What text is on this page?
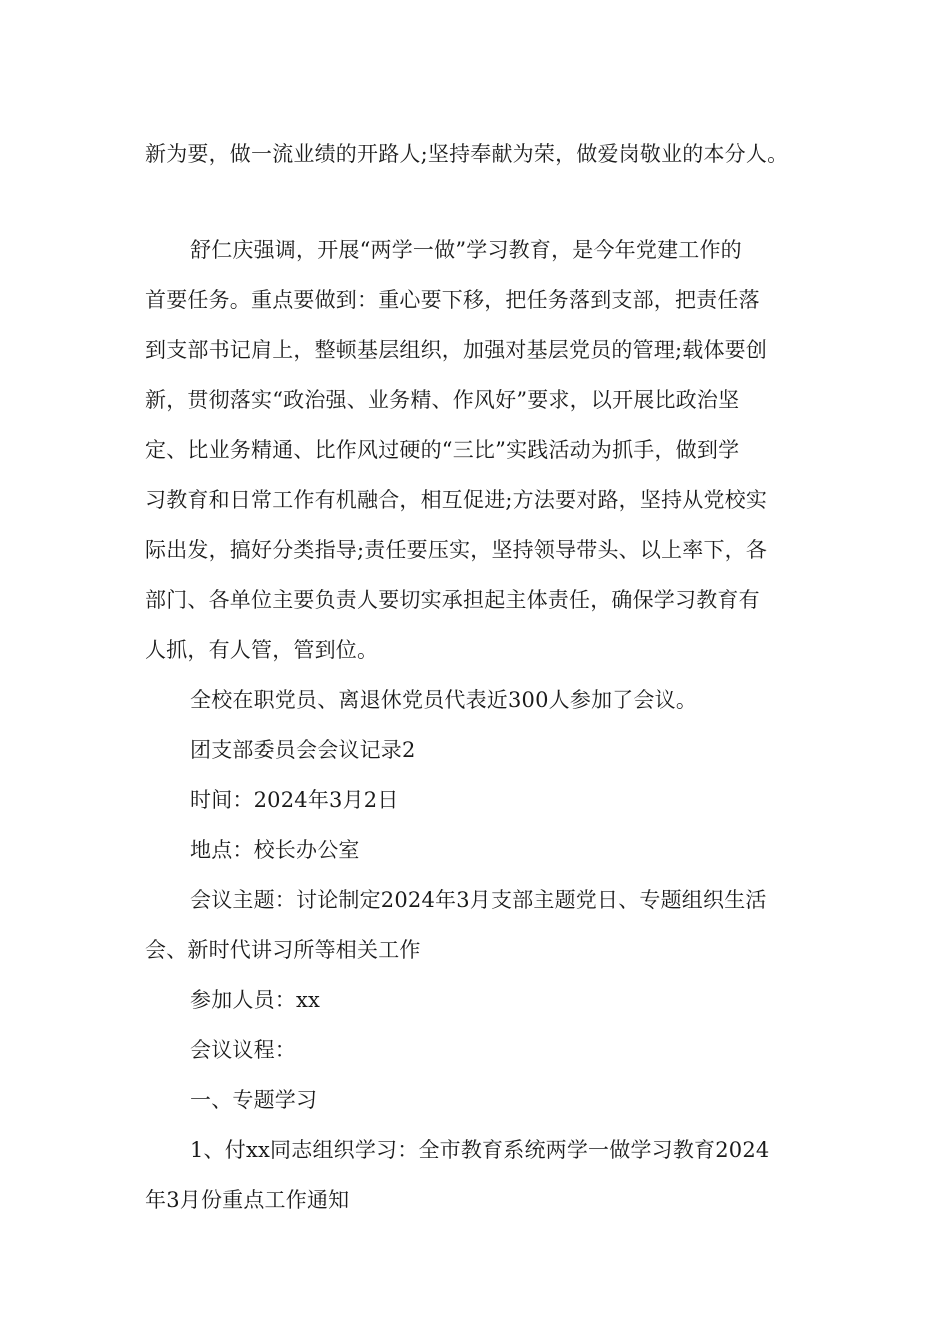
新为要，做一流业绩的开路人;坚持奉献为荣，做爱岗敬业的本分人。
舒仁庆强调，开展“两学一做”学习教育，是今年党建工作的
首要任务。重点要做到：重心要下移，把任务落到支部，把责任落
到支部书记肩上，整顿基层组织，加强对基层党员的管理;载体要创
新，贯彻落实“政治强、业务精、作风好”要求，以开展比政治坚
定、比业务精通、比作风过硬的“三比”实践活动为抓手，做到学
习教育和日常工作有机融合，相互促进;方法要对路，坚持从党校实
际出发，搞好分类指导;责任要压实，坚持领导带头、以上率下，各
部门、各单位主要负责人要切实承担起主体责任，确保学习教育有
人抓，有人管，管到位。
全校在职党员、离退休党员代表近300人参加了会议。
团支部委员会会议记录2
时间：2024年3月2日
地点：校长办公室
会议主题：讨论制定2024年3月支部主题党日、专题组织生活
会、新时代讲习所等相关工作
参加人员：xx
会议议程：
一、专题学习
1、付xx同志组织学习：全市教育系统两学一做学习教育2024
年3月份重点工作通知
